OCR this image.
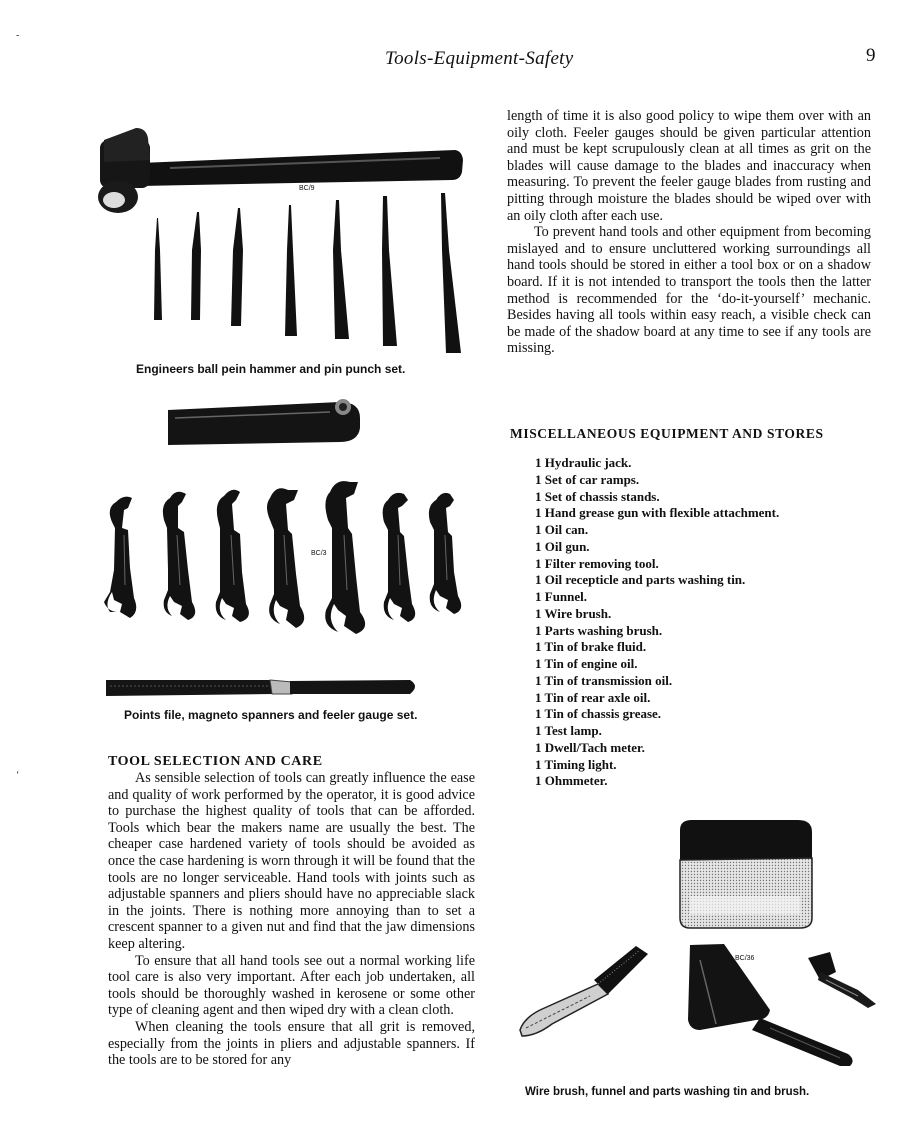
-
‘
Tools-Equipment-Safety	9
BC/9
Engineers ball pein hammer and pin punch set.
BC/3
Points file, magneto spanners and feeler gauge set.
TOOL SELECTION AND CARE

As sensible selection of tools can greatly influence the ease and quality of work performed by the operator, it is good advice to purchase the highest quality of tools that can be afforded. Tools which bear the makers name are usually the best. The cheaper case hardened variety of tools should be avoided as once the case hardening is worn through it will be found that the tools are no longer serviceable. Hand tools with joints such as adjustable spanners and pliers should have no appreciable slack in the joints. There is nothing more annoying than to set a crescent spanner to a given nut and find that the jaw dimensions keep altering.

To ensure that all hand tools see out a normal working life tool care is also very important. After each job undertaken, all tools should be thoroughly washed in kerosene or some other type of cleaning agent and then wiped dry with a clean cloth.

When cleaning the tools ensure that all grit is removed, especially from the joints in pliers and adjustable spanners. If the tools are to be stored for any

length of time it is also good policy to wipe them over with an oily cloth. Feeler gauges should be given particular attention and must be kept scrupulously clean at all times as grit on the blades will cause damage to the blades and inaccuracy when measuring. To prevent the feeler gauge blades from rusting and pitting through moisture the blades should be wiped over with an oily cloth after each use.

To prevent hand tools and other equipment from becoming mislayed and to ensure uncluttered working surroundings all hand tools should be stored in either a tool box or on a shadow board. If it is not intended to transport the tools then the latter method is recommended for the ‘do-it-yourself’ mechanic. Besides having all tools within easy reach, a visible check can be made of the shadow board at any time to see if any tools are missing.

MISCELLANEOUS EQUIPMENT AND STORES
1 Hydraulic jack.
1 Set of car ramps.
1 Set of chassis stands.
1 Hand grease gun with flexible attachment.
1 Oil can.
1 Oil gun.
1 Filter removing tool.
1 Oil recepticle and parts washing tin.
1 Funnel.
1 Wire brush.
1 Parts washing brush.
1 Tin of brake fluid.
1 Tin of engine oil.
1 Tin of transmission oil.
1 Tin of rear axle oil.
1 Tin of chassis grease.
1 Test lamp.
1 Dwell/Tach meter.
1 Timing light.
1 Ohmmeter.
BC/36
Wire brush, funnel and parts washing tin and brush.
